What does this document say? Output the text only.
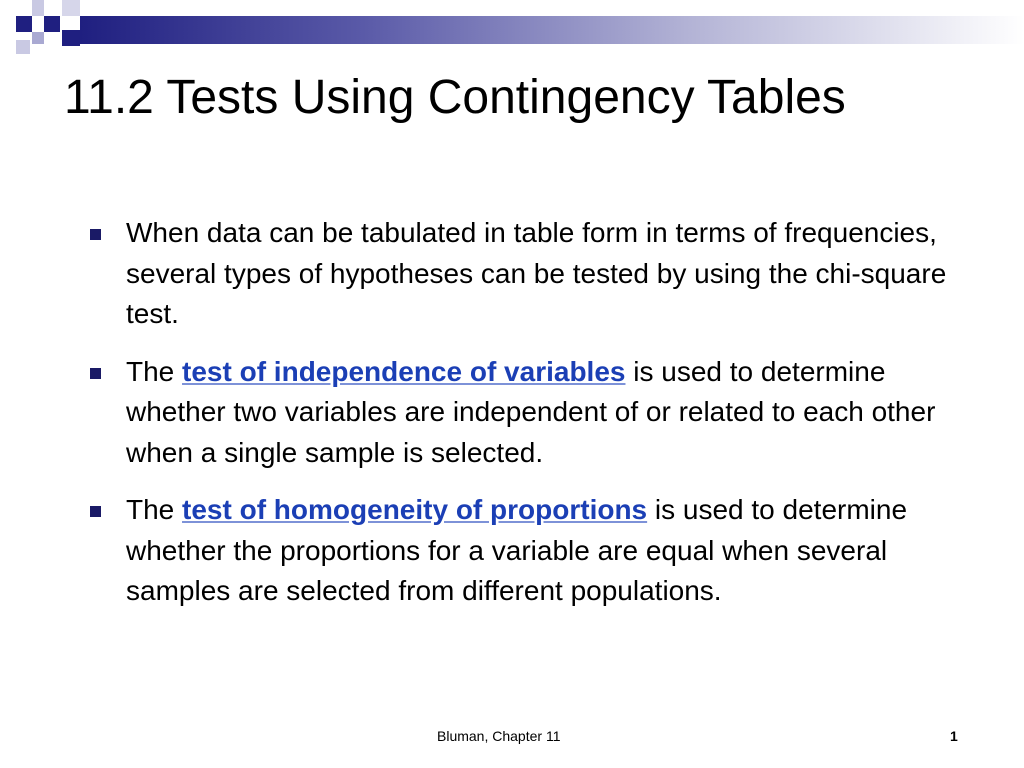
11.2 Tests Using Contingency Tables
When data can be tabulated in table form in terms of frequencies, several types of hypotheses can be tested by using the chi-square test.
The test of independence of variables is used to determine whether two variables are independent of or related to each other when a single sample is selected.
The test of homogeneity of proportions is used to determine whether the proportions for a variable are equal when several samples are selected from different populations.
Bluman, Chapter 11	1
